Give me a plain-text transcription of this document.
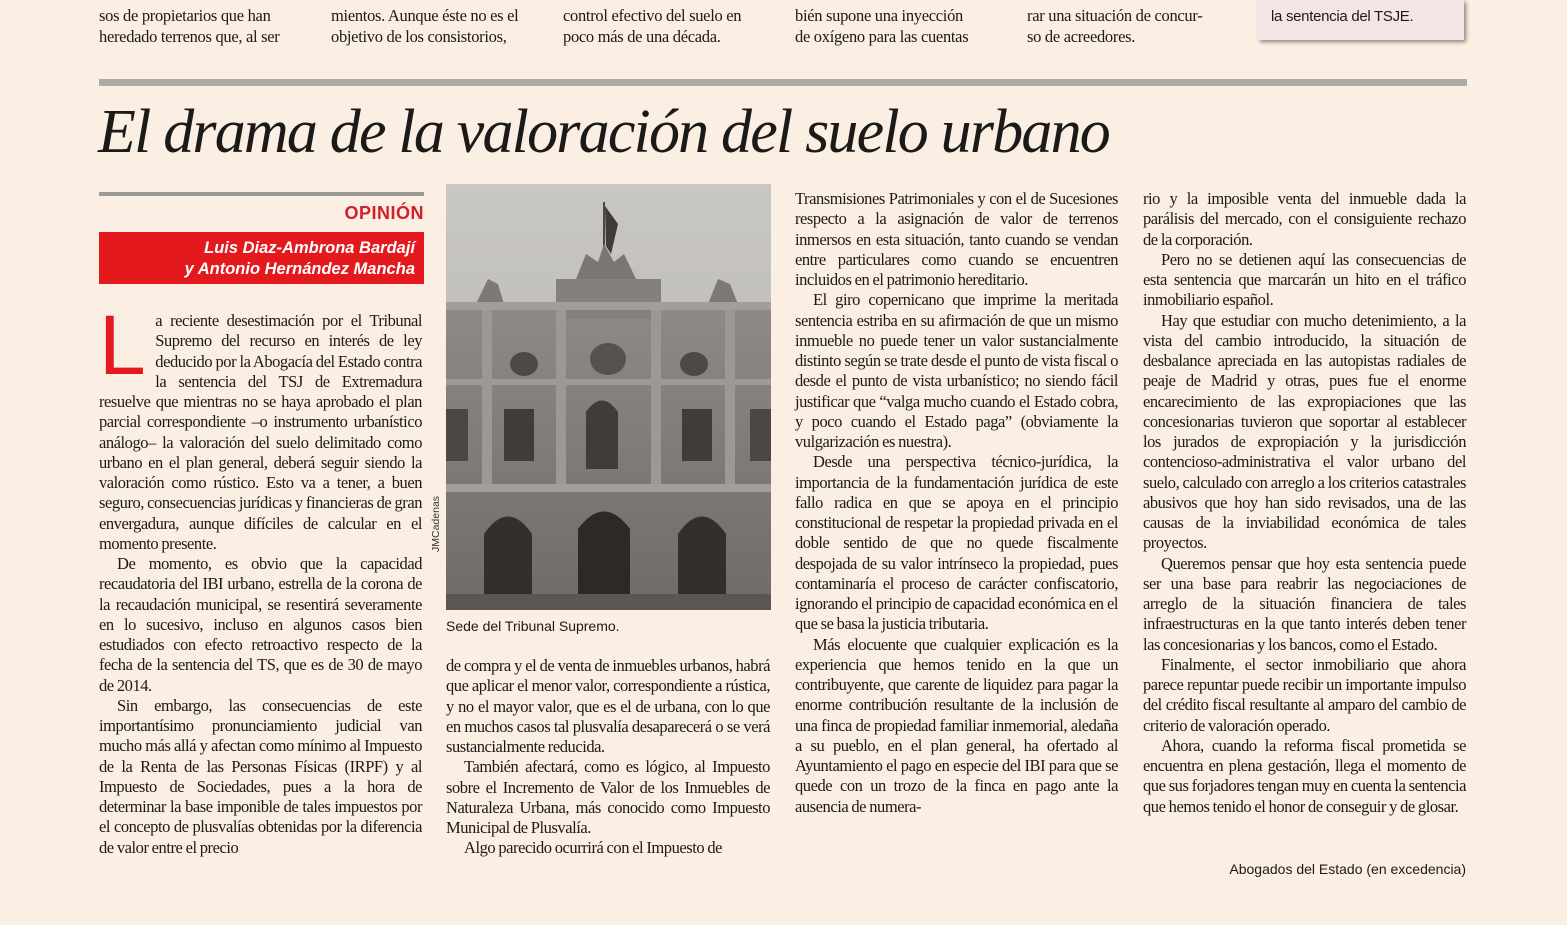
sos de propietarios que han
heredado terrenos que, al ser
mientos. Aunque éste no es el
objetivo de los consistorios,
control efectivo del suelo en
poco más de una década.
bién supone una inyección
de oxígeno para las cuentas
rar una situación de concur-
so de acreedores.
la sentencia del TSJE.
El drama de la valoración del suelo urbano
OPINIÓN
Luis Diaz-Ambrona Bardají
y Antonio Hernández Mancha

La reciente desestimación por el Tribunal Supremo del recurso en interés de ley deducido por la Abogacía del Estado contra la sentencia del TSJ de Extremadura resuelve que mientras no se haya aprobado el plan parcial correspondiente –o instrumento urbanístico análogo– la valoración del suelo delimitado como urbano en el plan general, deberá seguir siendo la valoración como rústico. Esto va a tener, a buen seguro, consecuencias jurídicas y financieras de gran envergadura, aunque difíciles de calcular en el momento presente.

De momento, es obvio que la capacidad recaudatoria del IBI urbano, estrella de la corona de la recaudación municipal, se resentirá severamente en lo sucesivo, incluso en algunos casos bien estudiados con efecto retroactivo respecto de la fecha de la sentencia del TS, que es de 30 de mayo de 2014.

Sin embargo, las consecuencias de este importantísimo pronunciamiento judicial van mucho más allá y afectan como mínimo al Impuesto de la Renta de las Personas Físicas (IRPF) y al Impuesto de Sociedades, pues a la hora de determinar la base imponible de tales impuestos por el concepto de plusvalías obtenidas por la diferencia de valor entre el precio

JMCadenas
Sede del Tribunal Supremo.

de compra y el de venta de inmuebles urbanos, habrá que aplicar el menor valor, correspondiente a rústica, y no el mayor valor, que es el de urbana, con lo que en muchos casos tal plusvalía desaparecerá o se verá sustancialmente reducida.

También afectará, como es lógico, al Impuesto sobre el Incremento de Valor de los Inmuebles de Naturaleza Urbana, más conocido como Impuesto Municipal de Plusvalía.

Algo parecido ocurrirá con el Impuesto de

Transmisiones Patrimoniales y con el de Sucesiones respecto a la asignación de valor de terrenos inmersos en esta situación, tanto cuando se vendan entre particulares como cuando se encuentren incluidos en el patrimonio hereditario.

El giro copernicano que imprime la meritada sentencia estriba en su afirmación de que un mismo inmueble no puede tener un valor sustancialmente distinto según se trate desde el punto de vista fiscal o desde el punto de vista urbanístico; no siendo fácil justificar que “valga mucho cuando el Estado cobra, y poco cuando el Estado paga” (obviamente la vulgarización es nuestra).

Desde una perspectiva técnico-jurídica, la importancia de la fundamentación jurídica de este fallo radica en que se apoya en el principio constitucional de respetar la propiedad privada en el doble sentido de que no quede fiscalmente despojada de su valor intrínseco la propiedad, pues contaminaría el proceso de carácter confiscatorio, ignorando el principio de capacidad económica en el que se basa la justicia tributaria.

Más elocuente que cualquier explicación es la experiencia que hemos tenido en la que un contribuyente, que carente de liquidez para pagar la enorme contribución resultante de la inclusión de una finca de propiedad familiar inmemorial, aledaña a su pueblo, en el plan general, ha ofertado al Ayuntamiento el pago en especie del IBI para que se quede con un trozo de la finca en pago ante la ausencia de numera-

rio y la imposible venta del inmueble dada la parálisis del mercado, con el consiguiente rechazo de la corporación.

Pero no se detienen aquí las consecuencias de esta sentencia que marcarán un hito en el tráfico inmobiliario español.

Hay que estudiar con mucho detenimiento, a la vista del cambio introducido, la situación de desbalance apreciada en las autopistas radiales de peaje de Madrid y otras, pues fue el enorme encarecimiento de las expropiaciones que las concesionarias tuvieron que soportar al establecer los jurados de expropiación y la jurisdicción contencioso-administrativa el valor urbano del suelo, calculado con arreglo a los criterios catastrales abusivos que hoy han sido revisados, una de las causas de la inviabilidad económica de tales proyectos.

Queremos pensar que hoy esta sentencia puede ser una base para reabrir las negociaciones de arreglo de la situación financiera de tales infraestructuras en la que tanto interés deben tener las concesionarias y los bancos, como el Estado.

Finalmente, el sector inmobiliario que ahora parece repuntar puede recibir un importante impulso del crédito fiscal resultante al amparo del cambio de criterio de valoración operado.

Ahora, cuando la reforma fiscal prometida se encuentra en plena gestación, llega el momento de que sus forjadores tengan muy en cuenta la sentencia que hemos tenido el honor de conseguir y de glosar.

Abogados del Estado (en excedencia)
